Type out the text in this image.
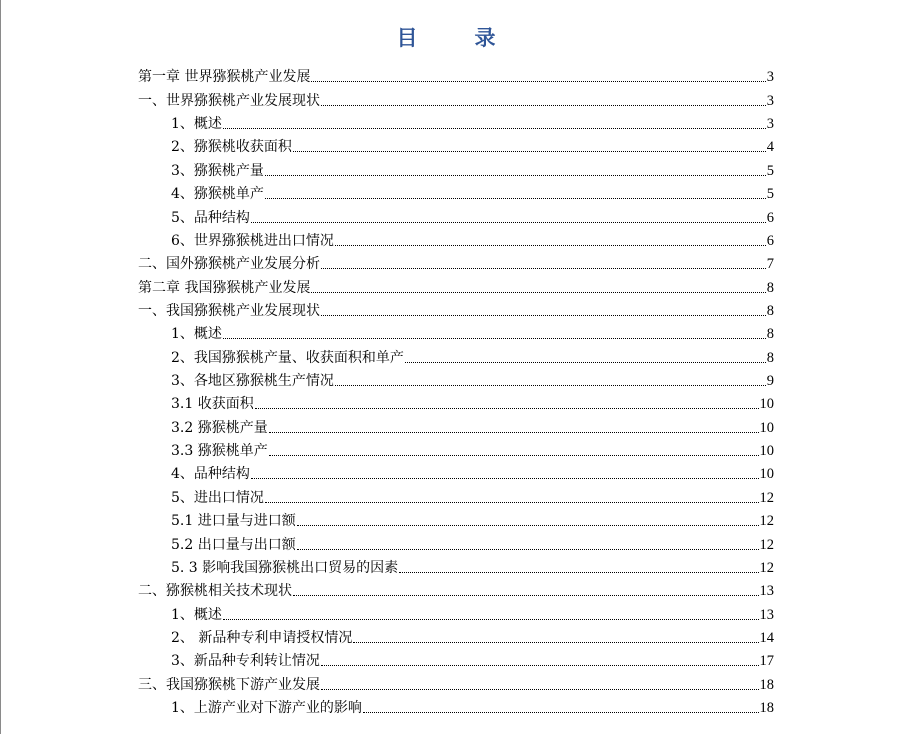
目　录
第一章 世界猕猴桃产业发展	3
一、世界猕猴桃产业发展现状	3
1、概述	3
2、猕猴桃收获面积	4
3、猕猴桃产量	5
4、猕猴桃单产	5
5、品种结构	6
6、世界猕猴桃进出口情况	6
二、国外猕猴桃产业发展分析	7
第二章 我国猕猴桃产业发展	8
一、我国猕猴桃产业发展现状	8
1、概述	8
2、我国猕猴桃产量、收获面积和单产	8
3、各地区猕猴桃生产情况	9
3.1 收获面积	10
3.2 猕猴桃产量	10
3.3 猕猴桃单产	10
4、品种结构	10
5、进出口情况	12
5.1 进口量与进口额	12
5.2 出口量与出口额	12
5. 3 影响我国猕猴桃出口贸易的因素	12
二、猕猴桃相关技术现状	13
1、概述	13
2、 新品种专利申请授权情况	14
3、新品种专利转让情况	17
三、我国猕猴桃下游产业发展	18
1、上游产业对下游产业的影响	18
